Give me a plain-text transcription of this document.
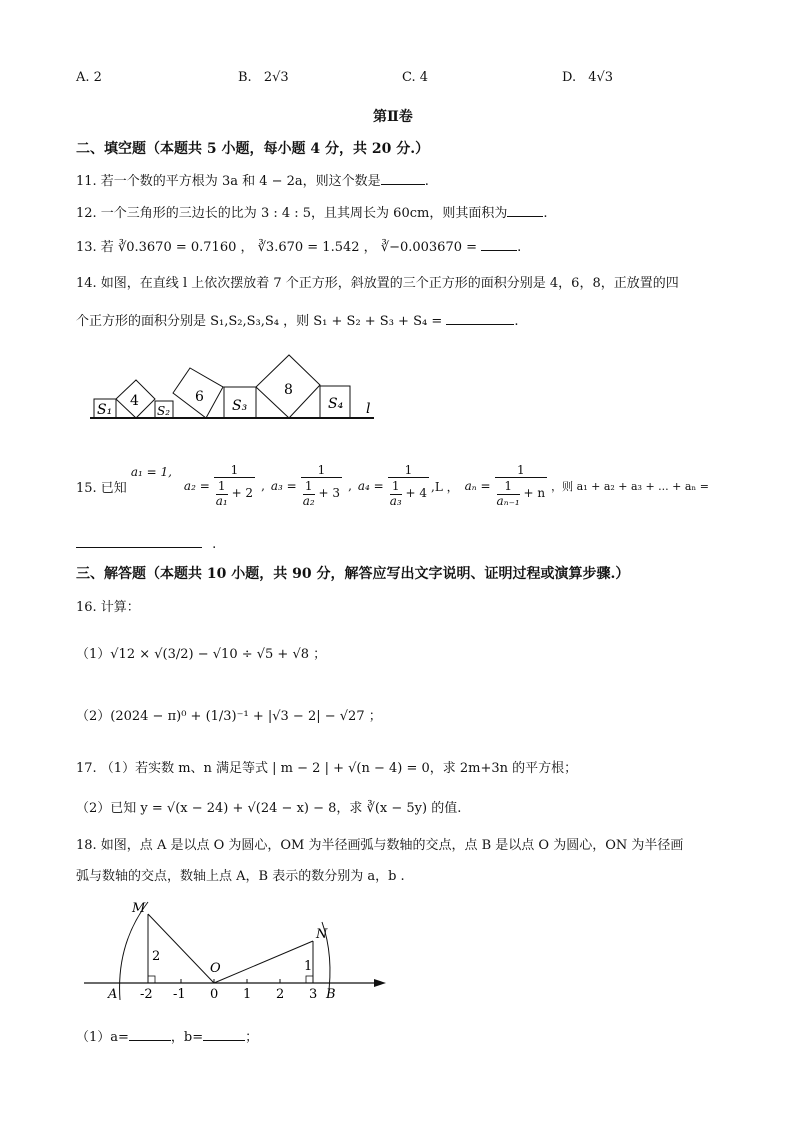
A. 2	B. 2√3	C. 4	D. 4√3
第Ⅱ卷
二、填空题（本题共 5 小题，每小题 4 分，共 20 分.）
11. 若一个数的平方根为 3a 和 4 − 2a，则这个数是	.
12. 一个三角形的三边长的比为 3 : 4 : 5，且其周长为 60cm，则其面积为	.
13. 若 ∛0.3670 = 0.7160 ， ∛3.670 = 1.542 ， ∛−0.003670 =	.
14. 如图，在直线 l 上依次摆放着 7 个正方形，斜放置的三个正方形的面积分别是 4，6，8，正放置的四
个正方形的面积分别是 S₁,S₂,S₃,S₄ ，则 S₁ + S₂ + S₃ + S₄ =	.
S₁
4
S₂
6
S₃
8
S₄ l
15. 已知
a₁ = 1,
$a_2 = \frac{1}{\frac{1}{\text{a₁}} + 2}$ , $a_3 = \frac{1}{\frac{1}{\text{a₂}} + 3}$ , $a_4 = \frac{1}{\frac{1}{\text{a₃}} + 4} ,L$ ， $a_n = \frac{1}{\frac{1}{\text{aₙ₋₁}} + n}$ ，则 a₁ + a₂ + a₃ + ... + aₙ =
.
三、解答题（本题共 10 小题，共 90 分，解答应写出文字说明、证明过程或演算步骤.）
16. 计算：
（1）√12 × √(3/2) − √10 ÷ √5 + √8 ；
（2）(2024 − π)⁰ + (1/3)⁻¹ + |√3 − 2| − √27 ；
17. （1）若实数 m、n 满足等式 | m − 2 | + √(n − 4) = 0，求 2m+3n 的平方根；
（2）已知 y = √(x − 24) + √(24 − x) − 8，求 ∛(x − 5y) 的值.
18. 如图，点 A 是以点 O 为圆心，OM 为半径画弧与数轴的交点，点 B 是以点 O 为圆心，ON 为半径画
弧与数轴的交点，数轴上点 A，B 表示的数分别为 a，b .
M
N
O
A	B
2
1
-2 -1 0 1 2 3
（1）a=	，b=	；
